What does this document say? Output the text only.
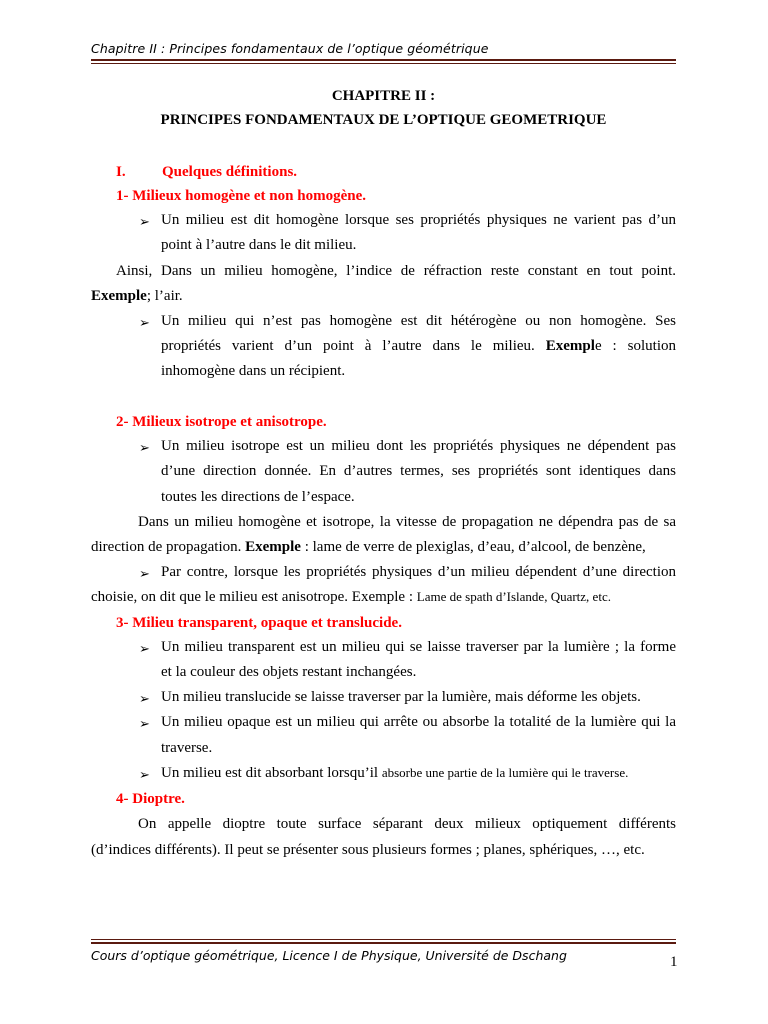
Chapitre II : Principes fondamentaux de l’optique géométrique
CHAPITRE II :
PRINCIPES FONDAMENTAUX DE L’OPTIQUE GEOMETRIQUE
I. Quelques définitions.
1- Milieux homogène et non homogène.
➢ Un milieu est dit homogène lorsque ses propriétés physiques ne varient pas d’un
point à l’autre dans le dit milieu.
Ainsi, Dans un milieu homogène, l’indice de réfraction reste constant en tout point.
Exemple; l’air.
➢ Un milieu qui n’est pas homogène est dit hétérogène ou non homogène. Ses
propriétés varient d’un point à l’autre dans le milieu. Exemple : solution
inhomogène dans un récipient.
2- Milieux isotrope et anisotrope.
➢ Un milieu isotrope est un milieu dont les propriétés physiques ne dépendent pas
d’une direction donnée. En d’autres termes, ses propriétés sont identiques dans
toutes les directions de l’espace.
Dans un milieu homogène et isotrope, la vitesse de propagation ne dépendra pas de sa
direction de propagation. Exemple : lame de verre de plexiglas, d’eau, d’alcool, de benzène,
➢ Par contre, lorsque les propriétés physiques d’un milieu dépendent d’une direction
choisie, on dit que le milieu est anisotrope. Exemple : Lame de spath d’Islande, Quartz, etc.
3- Milieu transparent, opaque et translucide.
➢ Un milieu transparent est un milieu qui se laisse traverser par la lumière ; la forme
et la couleur des objets restant inchangées.
➢ Un milieu translucide se laisse traverser par la lumière, mais déforme les objets.
➢ Un milieu opaque est un milieu qui arrête ou absorbe la totalité de la lumière qui la
traverse.
➢ Un milieu est dit absorbant lorsqu’il absorbe une partie de la lumière qui le traverse.
4- Dioptre.
On appelle dioptre toute surface séparant deux milieux optiquement différents
(d’indices différents). Il peut se présenter sous plusieurs formes ; planes, sphériques, …, etc.
Cours d’optique géométrique, Licence I de Physique, Université de Dschang	1
